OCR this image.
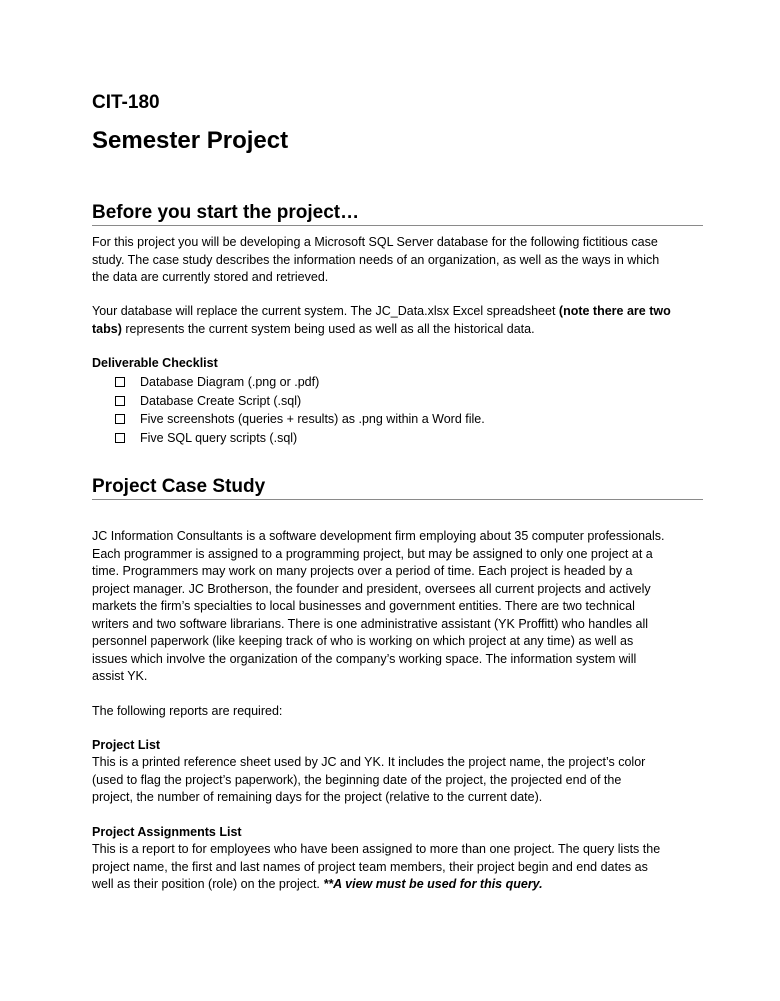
CIT-180
Semester Project
Before you start the project…
For this project you will be developing a Microsoft SQL Server database for the following fictitious case
study. The case study describes the information needs of an organization, as well as the ways in which
the data are currently stored and retrieved.
Your database will replace the current system. The JC_Data.xlsx Excel spreadsheet (note there are two
tabs) represents the current system being used as well as all the historical data.
Deliverable Checklist
Database Diagram (.png or .pdf)
Database Create Script (.sql)
Five screenshots (queries + results) as .png within a Word file.
Five SQL query scripts (.sql)
Project Case Study
JC Information Consultants is a software development firm employing about 35 computer professionals.
Each programmer is assigned to a programming project, but may be assigned to only one project at a
time. Programmers may work on many projects over a period of time. Each project is headed by a
project manager. JC Brotherson, the founder and president, oversees all current projects and actively
markets the firm’s specialties to local businesses and government entities. There are two technical
writers and two software librarians. There is one administrative assistant (YK Proffitt) who handles all
personnel paperwork (like keeping track of who is working on which project at any time) as well as
issues which involve the organization of the company’s working space. The information system will
assist YK.
The following reports are required:
Project List
This is a printed reference sheet used by JC and YK. It includes the project name, the project’s color
(used to flag the project’s paperwork), the beginning date of the project, the projected end of the
project, the number of remaining days for the project (relative to the current date).
Project Assignments List
This is a report to for employees who have been assigned to more than one project. The query lists the
project name, the first and last names of project team members, their project begin and end dates as
well as their position (role) on the project. **A view must be used for this query.
